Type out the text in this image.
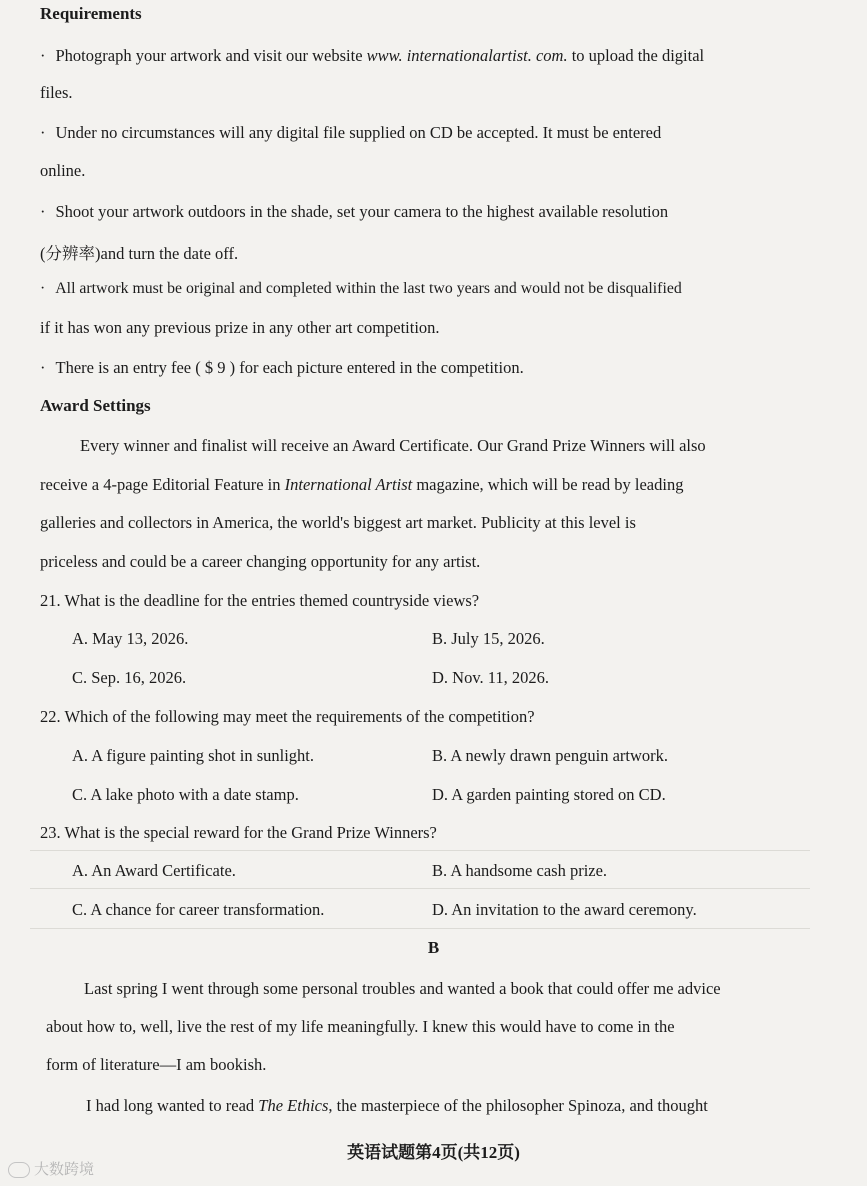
Requirements
· Photograph your artwork and visit our website www. internationalartist. com. to upload the digital
files.
· Under no circumstances will any digital file supplied on CD be accepted. It must be entered
online.
· Shoot your artwork outdoors in the shade, set your camera to the highest available resolution
(分辨率)and turn the date off.
· All artwork must be original and completed within the last two years and would not be disqualified
if it has won any previous prize in any other art competition.
· There is an entry fee ( $ 9 ) for each picture entered in the competition.
Award Settings
Every winner and finalist will receive an Award Certificate. Our Grand Prize Winners will also
receive a 4-page Editorial Feature in International Artist magazine, which will be read by leading
galleries and collectors in America, the world's biggest art market. Publicity at this level is
priceless and could be a career changing opportunity for any artist.
21. What is the deadline for the entries themed countryside views?
A. May 13, 2026.	B. July 15, 2026.
C. Sep. 16, 2026.	D. Nov. 11, 2026.
22. Which of the following may meet the requirements of the competition?
A. A figure painting shot in sunlight.	B. A newly drawn penguin artwork.
C. A lake photo with a date stamp.	D. A garden painting stored on CD.
23. What is the special reward for the Grand Prize Winners?
A. An Award Certificate.	B. A handsome cash prize.
C. A chance for career transformation.	D. An invitation to the award ceremony.
B
Last spring I went through some personal troubles and wanted a book that could offer me advice
about how to, well, live the rest of my life meaningfully. I knew this would have to come in the
form of literature—I am bookish.
I had long wanted to read The Ethics, the masterpiece of the philosopher Spinoza, and thought
英语试题第4页(共12页)
大数跨境
